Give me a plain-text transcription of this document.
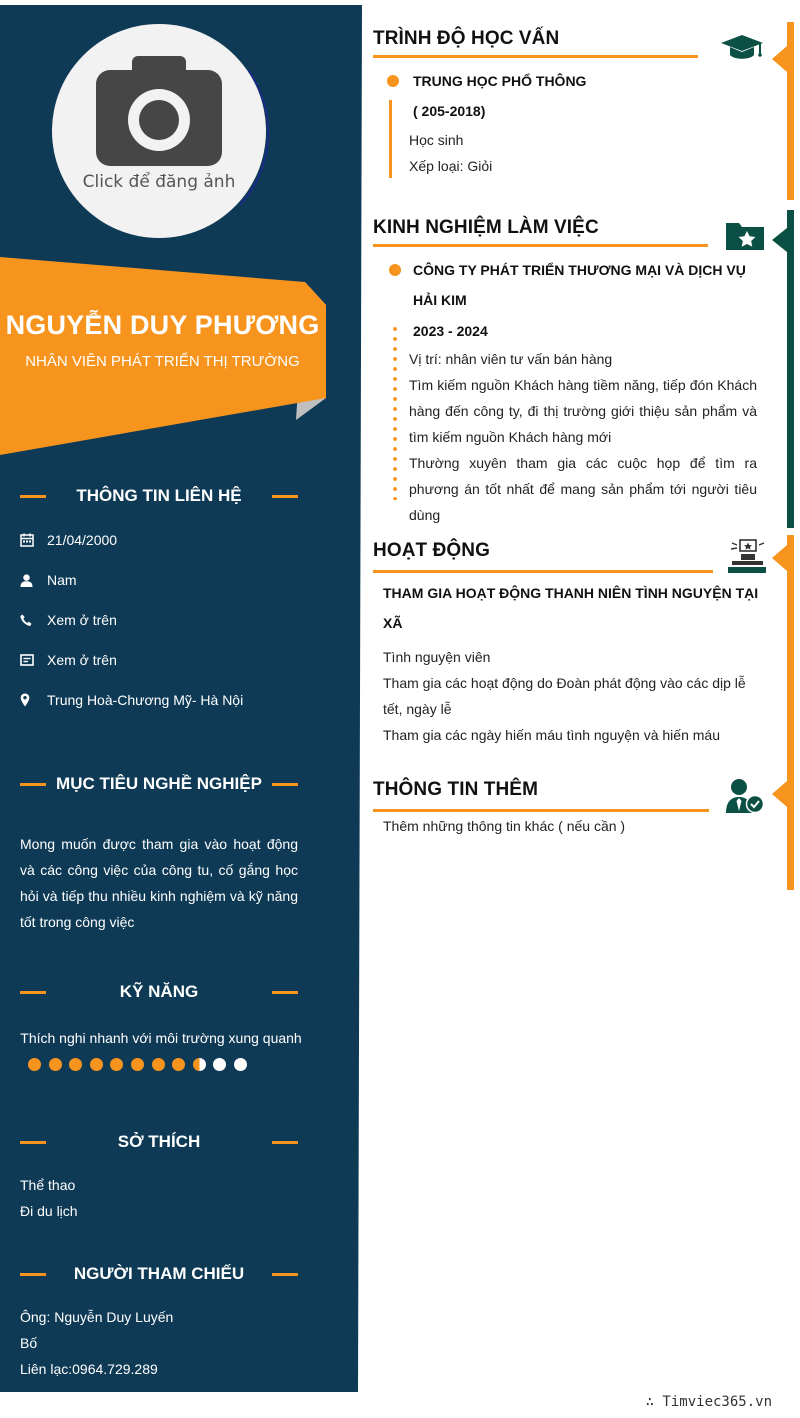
Click để đăng ảnh
NGUYỄN DUY PHƯƠNG
NHÂN VIÊN PHÁT TRIỂN THỊ TRƯỜNG
THÔNG TIN LIÊN HỆ
21/04/2000
Nam
Xem ở trên
Xem ở trên
Trung Hoà-Chương Mỹ- Hà Nội
MỤC TIÊU NGHỀ NGHIỆP
Mong muốn được tham gia vào hoạt động và các công việc của công tu, cố gắng học hỏi và tiếp thu nhiều kinh nghiệm và kỹ năng tốt trong công việc
KỸ NĂNG
Thích nghi nhanh với môi trường xung quanh
SỞ THÍCH
Thể thao
Đi du lịch
NGƯỜI THAM CHIẾU
Ông: Nguyễn Duy Luyến
Bố
Liên lạc:0964.729.289
TRÌNH ĐỘ HỌC VẤN
TRUNG HỌC PHỔ THÔNG
( 205-2018)
Học sinh
Xếp loại: Giỏi
KINH NGHIỆM LÀM VIỆC
CÔNG TY PHÁT TRIỂN THƯƠNG MẠI VÀ DỊCH VỤ HẢI KIM
2023 - 2024
Vị trí: nhân viên tư vấn bán hàng
Tìm kiếm nguồn Khách hàng tiềm năng, tiếp đón Khách hàng đến công ty, đi thị trường giới thiệu sản phẩm và tìm kiếm nguồn Khách hàng mới
Thường xuyên tham gia các cuộc họp để tìm ra phương án tốt nhất để mang sản phẩm tới người tiêu dùng
HOẠT ĐỘNG
THAM GIA HOẠT ĐỘNG THANH NIÊN TÌNH NGUYỆN TẠI XÃ
Tình nguyện viên
Tham gia các hoạt động do Đoàn phát động vào các dịp lễ tết, ngày lễ
Tham gia các ngày hiến máu tình nguyện và hiến máu
THÔNG TIN THÊM
Thêm những thông tin khác ( nếu cần )
∴ Timviec365.vn
